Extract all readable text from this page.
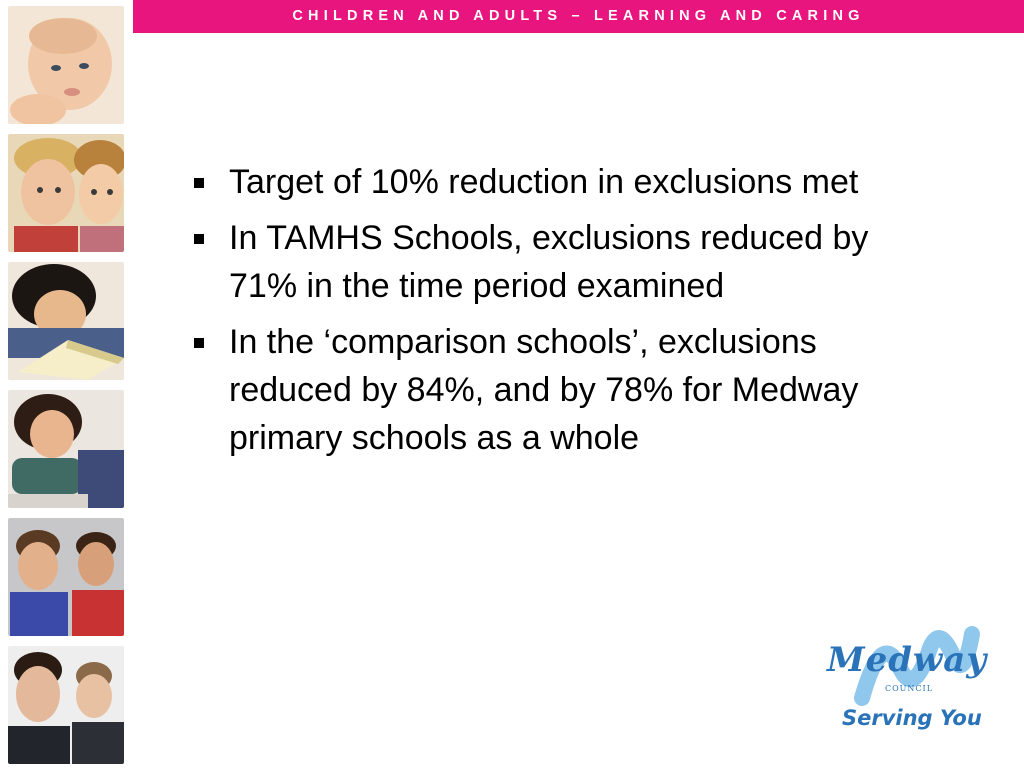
CHILDREN AND ADULTS – LEARNING AND CARING
Target of 10% reduction in exclusions met
In TAMHS Schools, exclusions reduced by 71% in the time period examined
In the ‘comparison schools’, exclusions reduced by 84%, and by 78% for Medway primary schools as a whole
Medway
COUNCIL
Serving You
